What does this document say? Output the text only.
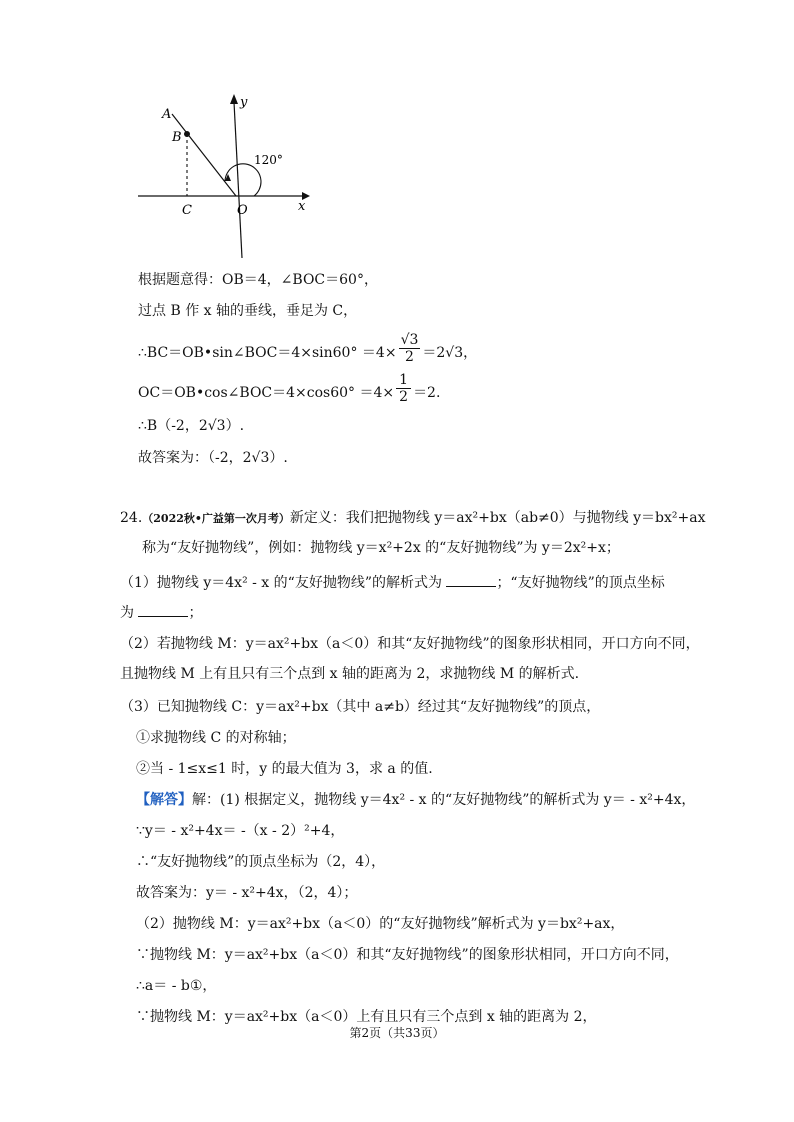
A
B
C	O	x
y
120°
根据题意得：OB＝4，∠BOC＝60°，
过点 B 作 x 轴的垂线，垂足为 C，
∴BC＝OB•sin∠BOC＝4×sin60° $=4\times \frac{√3}{2} =2√3$，
OC＝OB•cos∠BOC＝4×cos60° $=4\times \frac{1}{2} =2$.
∴B（-2，2√3）.
故答案为：（-2，2√3）.
24.（2022秋•广益第一次月考）新定义：我们把抛物线 y＝ax²+bx（ab≠0）与抛物线 y＝bx²+ax
称为“友好抛物线”，例如：抛物线 y＝x²+2x 的“友好抛物线”为 y＝2x²+x；
（1）抛物线 y＝4x² - x 的“友好抛物线”的解析式为	；“友好抛物线”的顶点坐标
为	；
（2）若抛物线 M：y＝ax²+bx（a＜0）和其“友好抛物线”的图象形状相同，开口方向不同，
且抛物线 M 上有且只有三个点到 x 轴的距离为 2，求抛物线 M 的解析式.
（3）已知抛物线 C：y＝ax²+bx（其中 a≠b）经过其“友好抛物线”的顶点，
①求抛物线 C 的对称轴；
②当 - 1≤x≤1 时，y 的最大值为 3，求 a 的值.
【解答】解：(1) 根据定义，抛物线 y＝4x² - x 的“友好抛物线”的解析式为 y＝ - x²+4x，
∵y＝ - x²+4x＝ -（x - 2）²+4，
∴“友好抛物线”的顶点坐标为（2，4），
故答案为：y＝ - x²+4x，（2，4）；
（2）抛物线 M：y＝ax²+bx（a＜0）的“友好抛物线”解析式为 y＝bx²+ax，
∵抛物线 M：y＝ax²+bx（a＜0）和其“友好抛物线”的图象形状相同，开口方向不同，
∴a＝ - b①，
∵抛物线 M：y＝ax²+bx（a＜0）上有且只有三个点到 x 轴的距离为 2，
第2页（共33页）
